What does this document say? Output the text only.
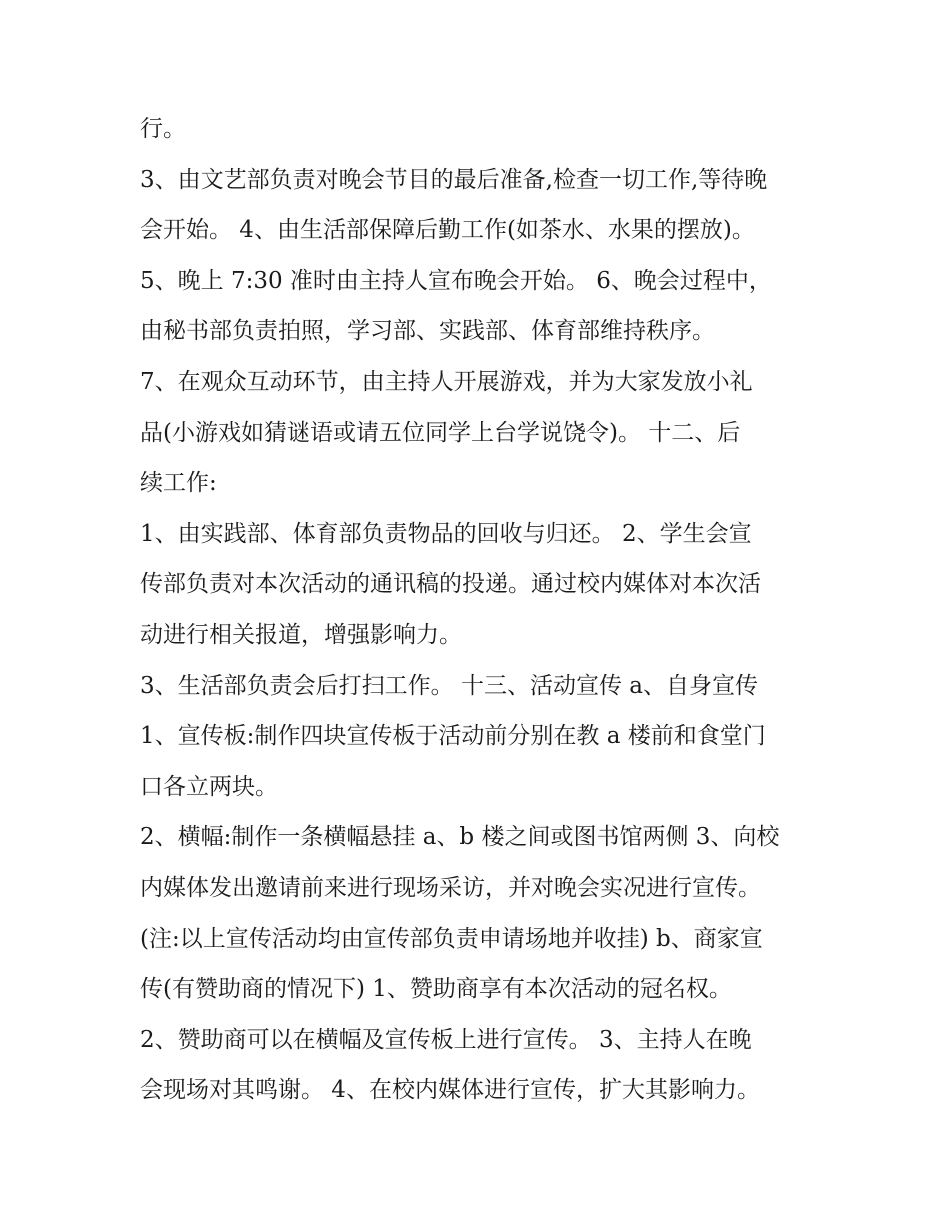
行。
3、由文艺部负责对晚会节目的最后准备,检查一切工作,等待晚
会开始。 4、由生活部保障后勤工作(如茶水、水果的摆放)。
5、晚上 7:30 准时由主持人宣布晚会开始。 6、晚会过程中，
由秘书部负责拍照，学习部、实践部、体育部维持秩序。
7、在观众互动环节，由主持人开展游戏，并为大家发放小礼
品(小游戏如猜谜语或请五位同学上台学说饶令)。 十二、后
续工作:
1、由实践部、体育部负责物品的回收与归还。 2、学生会宣
传部负责对本次活动的通讯稿的投递。通过校内媒体对本次活
动进行相关报道，增强影响力。
3、生活部负责会后打扫工作。 十三、活动宣传 a、自身宣传
1、宣传板:制作四块宣传板于活动前分别在教 a 楼前和食堂门
口各立两块。
2、横幅:制作一条横幅悬挂 a、b 楼之间或图书馆两侧 3、向校
内媒体发出邀请前来进行现场采访，并对晚会实况进行宣传。
(注:以上宣传活动均由宣传部负责申请场地并收挂) b、商家宣
传(有赞助商的情况下) 1、赞助商享有本次活动的冠名权。
2、赞助商可以在横幅及宣传板上进行宣传。 3、主持人在晚
会现场对其鸣谢。 4、在校内媒体进行宣传，扩大其影响力。
